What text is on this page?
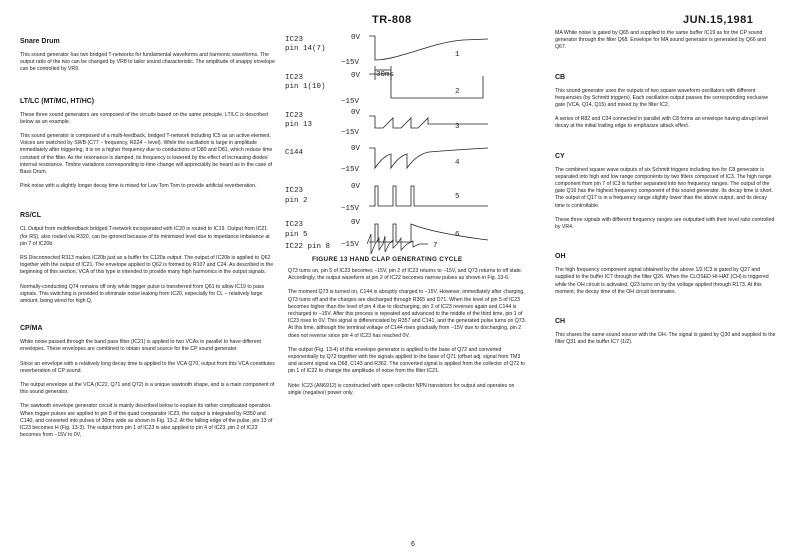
TR-808	JUN.15,1981
Snare Drum

This sound generator has two bridged T-networks for fundamental waveforms and harmonic waveforms. The output ratio of the two can be changed by VR8 to tailor sound characteristic. The amplitude of snappy envelope can be controlled by VR9.

LT/LC (MT/MC, HT/HC)

These three sound generators are composed of the circuits based on the same principle. LT/LC is described below as an example.

This sound generator is composed of a multi-feedback, bridged T-network including IC5 as an active element. Voices are switched by SWB (C77 − frequency, R224 − level). While the oscillation is large in amplitude immediately after triggering, it is on a higher frequency due to conductions of D80 and D81, which reduce time constant of the filter. As the resonance is damped, its frequency is lowered by the effect of increasing diodes' internal resistance. Timbre variations corresponding to time change will appreciably be heard as in the case of Bass Drum.

Pink noise with a slightly longer decay time is mixed for Low Tom Tom to provide artificial reverberation.

RS/CL

CL Output from multifeedback bridged T-network incorporated with IC20 is routed to IC19. Output from IC21 (for RS), also routed via R320, can be ignored because of its minimized level due to impedance imbalance at pin 7 of IC20b.

RS Disconnected R313 makes IC20b just as a buffer for C120a output. The output of IC20b is applied to Q62 together with the output of IC21. The envelope applied to Q62 is formed by R107 and C24. As described in the beginning of this section, VCA of this type is intended to provide many high harmonics in the output signals.

Normally-conducting Q74 remains off only while trigger pulse is transferred from Q61 to allow IC19 to pass signals. This switching is provided to eliminate noise leaking from IC20, especially for CL − relatively large amount, being wired for high Q.

CP/MA

White noise passed through the band pass filter (IC21) is applied to two VCAs in parallel to have different envelopes. These envelopes are combined to obtain sound source for the CP sound generator.

Since an envelope with a relatively long decay time is applied to the VCA Q70, output from this VCA constitutes reverberation of CP sound.

The output envelope at the VCA (IC22, Q71 and Q72) is a unique sawtooth shape, and is a main component of this sound generator.

The sawtooth envelope generator circuit is mainly described below to explain its rather complicated operation. When trigger pulses are applied to pin 8 of the quad comparator IC23, the output is integrated by R350 and C140, and converted into pulses of 30ms wide as shown in Fig. 13-2. At the falling edge of the pulse, pin 13 of IC23 becomes H (Fig. 13-3). The output from pin 1 of IC23 is also applied to pin 4 of IC23, pin 2 of IC23 becomes from −15V to 0V,

IC23
pin 14(7)
IC23
pin 1(10)
IC23
pin 13
C144
IC23
pin 2
IC23
pin 5
0V
−15V
0V
−15V
0V
−15V
0V
−15V
0V
−15V
0V
−15V
1
2
3
4
5
6
30ms
IC22 pin 8	7
FIGURE 13 HAND CLAP GENERATING CYCLE

Q73 turns on, pin 5 of IC23 becomes −15V, pin 2 of IC23 returns to −15V, and Q73 returns to off state. Accordingly, the output waveform at pin 2 of IC22 becomes narrow pulses as shown in Fig. 13-6.

The moment Q73 is turned on, C144 is abruptly charged to −15V. However, immediately after charging, Q73 turns off and the charges are discharged through R365 and D71. When the level of pin 5 of IC23 becomes higher than the level of pin 4 due to discharging, pin 2 of IC23 reverses again and C144 is recharged to −15V. After this process is repeated and advanced to the middle of the third time, pin 1 of IC23 rises to 0V. This signal is differenciated by R357 and C141, and the generated pulse turns on Q73. At this time, although the terminal voltage of C144 rises gradually from −15V due to discharging, pin 2 does not reverse since pin 4 of IC23 has reached 0V.

The output (Fig. 13-4) of this envelope generator is applied to the base of Q72 and converted exponentially by Q72 together with the signals applied to the base of Q71 (offset adj. signal from TM3 and accent signal via D68, C143 and R362. The converted signal is applied from the collector of Q72 to pin 1 of IC22 to change the amplitude of noise from the filter IC21.

Note: IC23 (AN6912) is constructed with open collector NPN transistors for output and operates on single (negative) power only.

MA White noise is gated by Q65 and supplied to the same buffer IC19 as for the CP sound generator through the filter Q68. Envelope for MA sound generator is generated by Q66 and Q67.

CB

This sound generator uses the outputs of two square waveform oscillators with different frequencies (by Schmitt triggers). Each oscillation output passes the corresponding exclusive gate (VCA, Q14, Q15) and mixed by the filter IC2.

A series of R82 and C34 connected in parallel with C8 forms an envelope having abrupt level decay at the initial trailing edge to emphasize attack effect.

CY

The combined square wave outputs of six Schmitt triggers including two for C8 generator is separated into high and low range components by two filters composed of IC3. The high range component from pin 7 of IC3 is further separated into two frequency ranges. The output of the gate Q16 has the highest frequency component of this sound generator. Its decay time is short. The output of Q17 is in a frequency range slightly lower than the above output, and its decay time is controllable.

These three signals with different frequency ranges are outputted with their level ratio controlled by VR4.

OH

The high frequency component signal obtained by the above 1/2 IC3 is gated by Q27 and supplied to the buffer IC7 through the filter Q26. When the CLOSED HI-HAT (CH) is triggered while the OH circuit is activated, Q23 turns on by the voltage applied through R173. At this moment, the decay time of the OH circuit terminates.

CH

This shares the same sound source with the OH. The signal is gated by Q30 and supplied to the filter Q31 and the buffer IC7 (1/2).

6
